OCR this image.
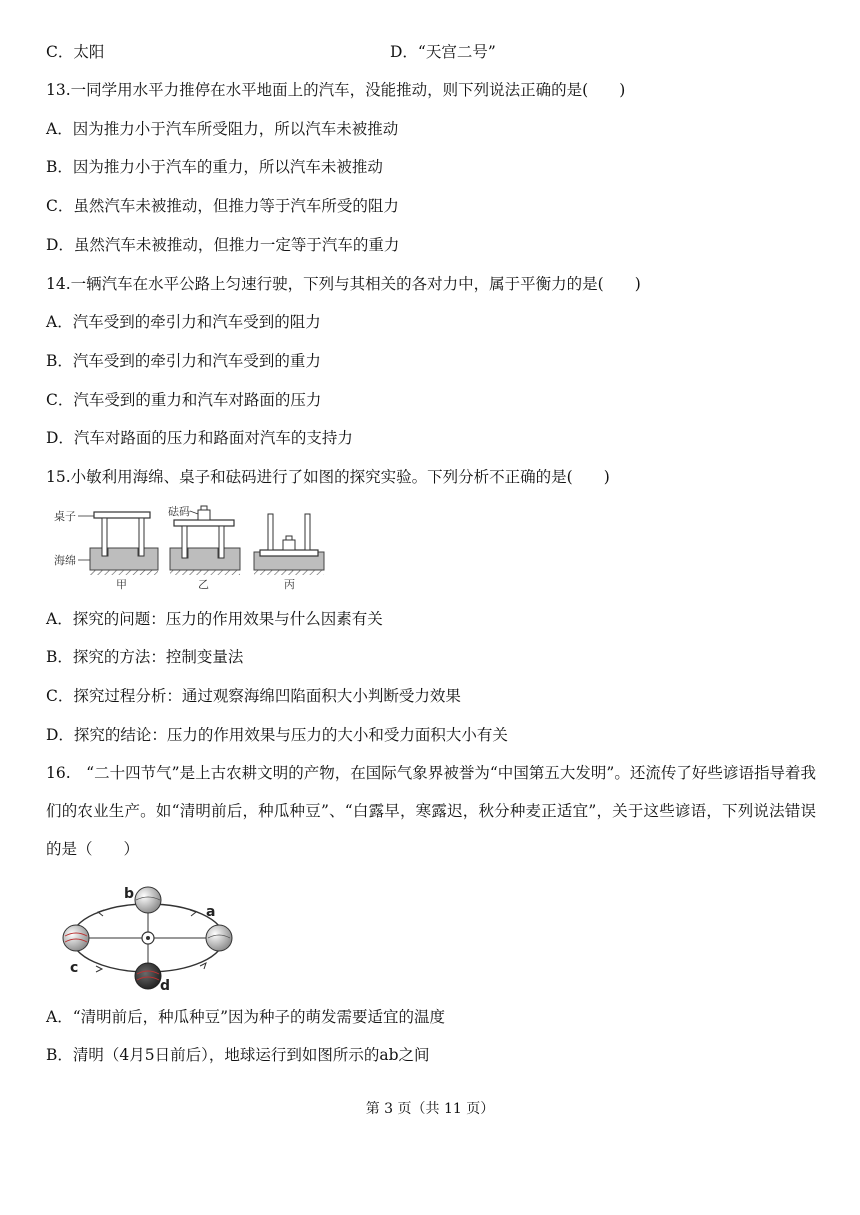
C．太阳	D．“天宫二号”
13.一同学用水平力推停在水平地面上的汽车，没能推动，则下列说法正确的是(　　)
A．因为推力小于汽车所受阻力，所以汽车未被推动
B．因为推力小于汽车的重力，所以汽车未被推动
C．虽然汽车未被推动，但推力等于汽车所受的阻力
D．虽然汽车未被推动，但推力一定等于汽车的重力
14.一辆汽车在水平公路上匀速行驶，下列与其相关的各对力中，属于平衡力的是(　　)
A．汽车受到的牵引力和汽车受到的阻力
B．汽车受到的牵引力和汽车受到的重力
C．汽车受到的重力和汽车对路面的压力
D．汽车对路面的压力和路面对汽车的支持力
15.小敏利用海绵、桌子和砝码进行了如图的探究实验。下列分析不正确的是(　　)
桌子
海绵
甲
砝码
乙	丙
A．探究的问题：压力的作用效果与什么因素有关
B．探究的方法：控制变量法
C．探究过程分析：通过观察海绵凹陷面积大小判断受力效果
D．探究的结论：压力的作用效果与压力的大小和受力面积大小有关
16.　“二十四节气”是上古农耕文明的产物，在国际气象界被誉为“中国第五大发明”。还流传了好些谚语指导着我们的农业生产。如“清明前后，种瓜种豆”、“白露早，寒露迟，秋分种麦正适宜”，关于这些谚语，下列说法错误的是（　　）
b
a
c
d
A．“清明前后，种瓜种豆”因为种子的萌发需要适宜的温度
B．清明（4月5日前后），地球运行到如图所示的ab之间
第 3 页（共 11 页）
